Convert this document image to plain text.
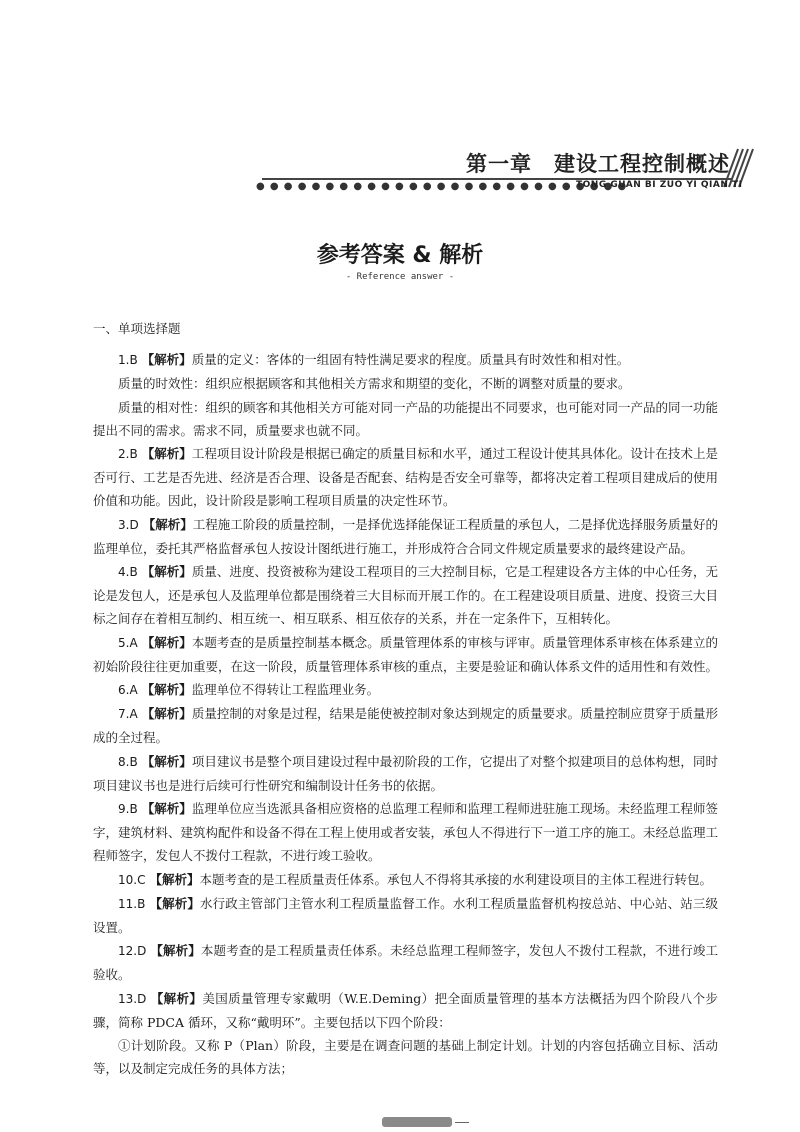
第一章　建设工程控制概述
● ● ● ● ● ● ● ● ● ● ● ● ● ● ● ● ● ● ● ● ● ● ● ● ● ● ●
TONG GUAN BI ZUO YI QIAN TI
参考答案 & 解析
- Reference answer -

一、单项选择题

1.B 【解析】质量的定义：客体的一组固有特性满足要求的程度。质量具有时效性和相对性。

质量的时效性：组织应根据顾客和其他相关方需求和期望的变化，不断的调整对质量的要求。

质量的相对性：组织的顾客和其他相关方可能对同一产品的功能提出不同要求，也可能对同一产品的同一功能提出不同的需求。需求不同，质量要求也就不同。

2.B 【解析】工程项目设计阶段是根据已确定的质量目标和水平，通过工程设计使其具体化。设计在技术上是否可行、工艺是否先进、经济是否合理、设备是否配套、结构是否安全可靠等，都将决定着工程项目建成后的使用价值和功能。因此，设计阶段是影响工程项目质量的决定性环节。

3.D 【解析】工程施工阶段的质量控制，一是择优选择能保证工程质量的承包人，二是择优选择服务质量好的监理单位，委托其严格监督承包人按设计图纸进行施工，并形成符合合同文件规定质量要求的最终建设产品。

4.B 【解析】质量、进度、投资被称为建设工程项目的三大控制目标，它是工程建设各方主体的中心任务，无论是发包人，还是承包人及监理单位都是围绕着三大目标而开展工作的。在工程建设项目质量、进度、投资三大目标之间存在着相互制约、相互统一、相互联系、相互依存的关系，并在一定条件下，互相转化。

5.A 【解析】本题考查的是质量控制基本概念。质量管理体系的审核与评审。质量管理体系审核在体系建立的初始阶段往往更加重要，在这一阶段，质量管理体系审核的重点，主要是验证和确认体系文件的适用性和有效性。

6.A 【解析】监理单位不得转让工程监理业务。

7.A 【解析】质量控制的对象是过程，结果是能使被控制对象达到规定的质量要求。质量控制应贯穿于质量形成的全过程。

8.B 【解析】项目建议书是整个项目建设过程中最初阶段的工作，它提出了对整个拟建项目的总体构想，同时项目建议书也是进行后续可行性研究和编制设计任务书的依据。

9.B 【解析】监理单位应当选派具备相应资格的总监理工程师和监理工程师进驻施工现场。未经监理工程师签字，建筑材料、建筑构配件和设备不得在工程上使用或者安装，承包人不得进行下一道工序的施工。未经总监理工程师签字，发包人不拨付工程款，不进行竣工验收。

10.C 【解析】本题考查的是工程质量责任体系。承包人不得将其承接的水利建设项目的主体工程进行转包。

11.B 【解析】水行政主管部门主管水利工程质量监督工作。水利工程质量监督机构按总站、中心站、站三级设置。

12.D 【解析】本题考查的是工程质量责任体系。未经总监理工程师签字，发包人不拨付工程款，不进行竣工验收。

13.D 【解析】美国质量管理专家戴明（W.E.Deming）把全面质量管理的基本方法概括为四个阶段八个步骤，简称 PDCA 循环，又称“戴明环”。主要包括以下四个阶段：

①计划阶段。又称 P（Plan）阶段，主要是在调查问题的基础上制定计划。计划的内容包括确立目标、活动等，以及制定完成任务的具体方法；
